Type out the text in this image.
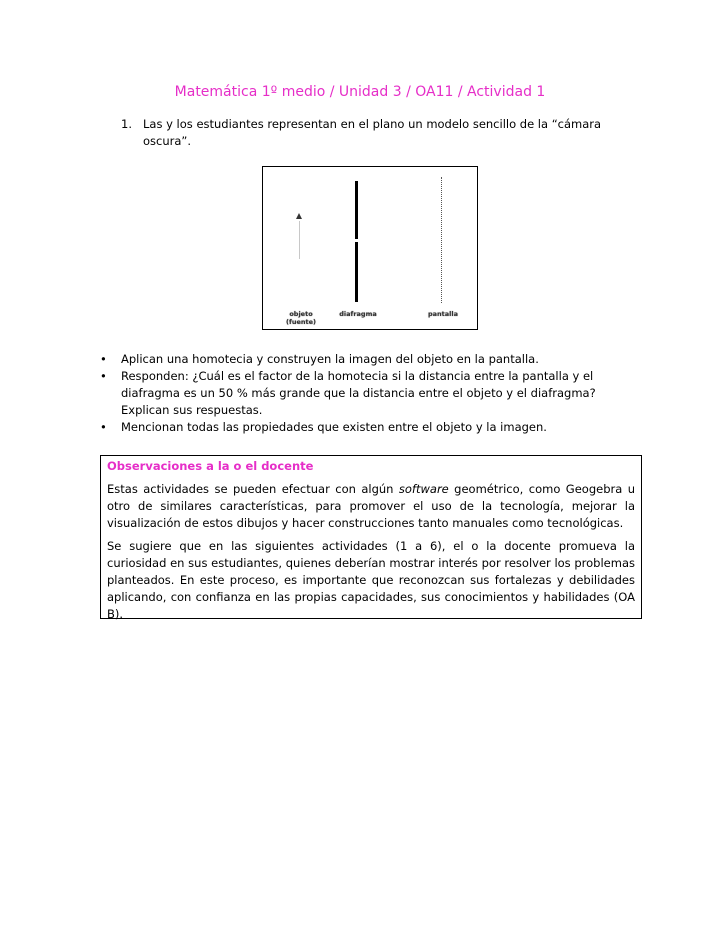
Matemática 1º medio / Unidad 3 / OA11 / Actividad 1
1. Las y los estudiantes representan en el plano un modelo sencillo de la “cámara oscura”.
objeto (fuente)
diafragma	pantalla
• Aplican una homotecia y construyen la imagen del objeto en la pantalla.
• Responden: ¿Cuál es el factor de la homotecia si la distancia entre la pantalla y el diafragma es un 50 % más grande que la distancia entre el objeto y el diafragma? Explican sus respuestas.
• Mencionan todas las propiedades que existen entre el objeto y la imagen.
Observaciones a la o el docente

Estas actividades se pueden efectuar con algún software geométrico, como Geogebra u otro de similares características, para promover el uso de la tecnología, mejorar la visualización de estos dibujos y hacer construcciones tanto manuales como tecnológicas.

Se sugiere que en las siguientes actividades (1 a 6), el o la docente promueva la curiosidad en sus estudiantes, quienes deberían mostrar interés por resolver los problemas planteados. En este proceso, es importante que reconozcan sus fortalezas y debilidades aplicando, con confianza en las propias capacidades, sus conocimientos y habilidades (OA B).
